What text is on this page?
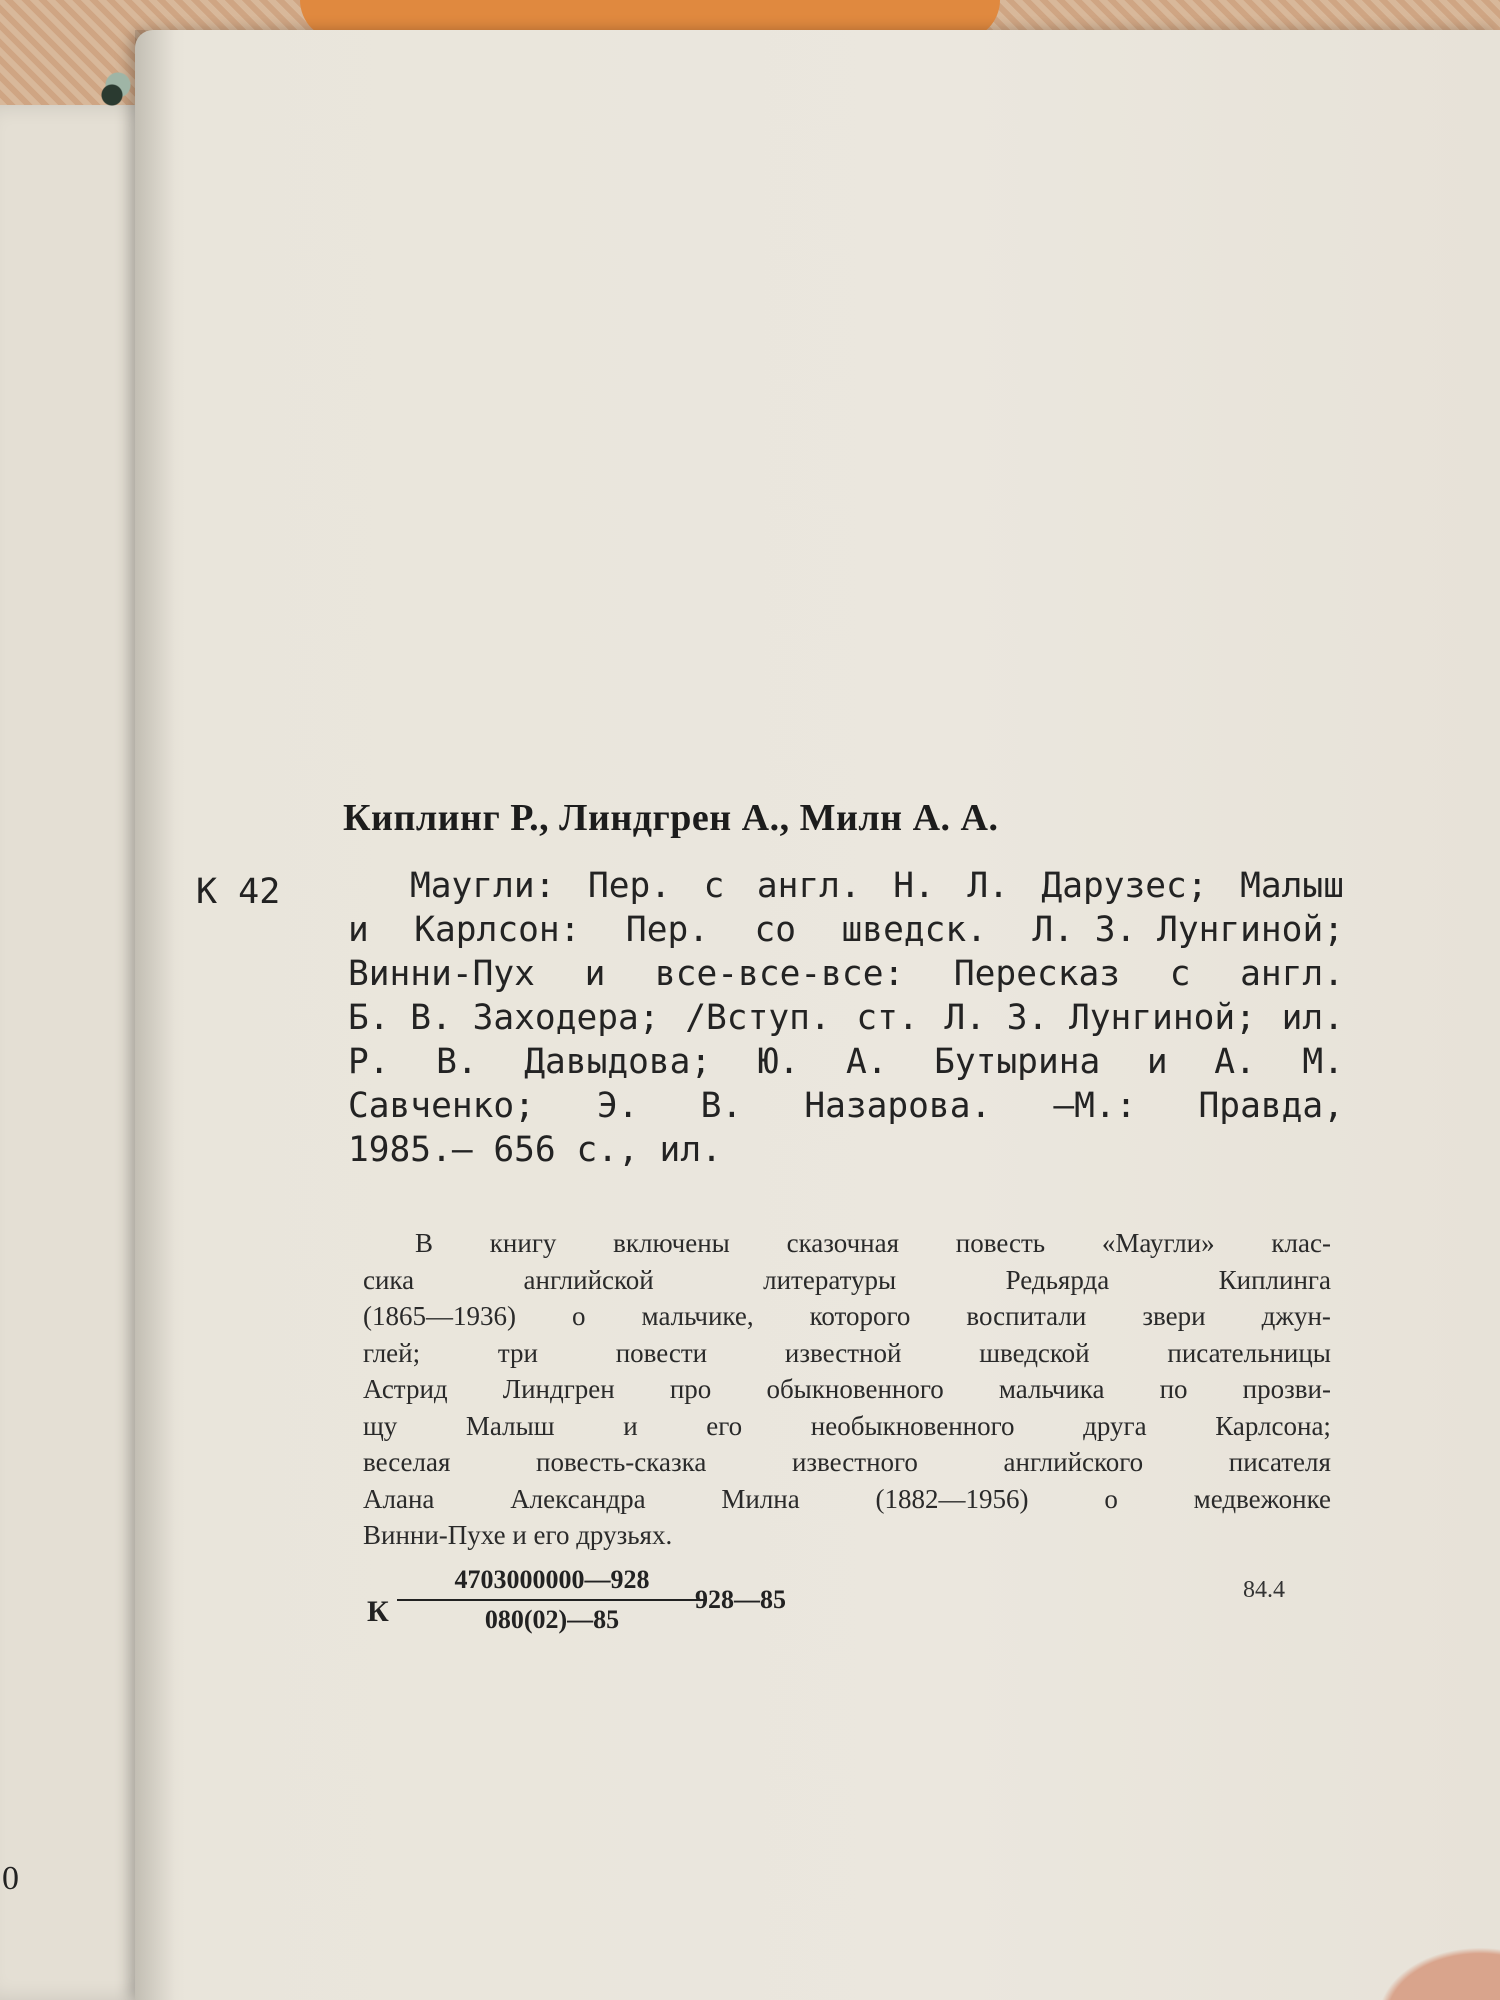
0
Киплинг Р., Линдгрен А., Милн А. А.
К 42	Маугли: Пер. с англ. Н. Л. Дарузес; Малыш
и Карлсон: Пер. со шведск. Л. З. Лунгиной;
Винни-Пух и все-все-все: Пересказ с англ.
Б. В. Заходера; /Вступ. ст. Л. З. Лунгиной; ил.
Р. В. Давыдова; Ю. А. Бутырина и А. М.
Савченко; Э. В. Назарова. —М.: Правда,
1985.— 656 с., ил.
В книгу включены сказочная повесть «Маугли» клас-
сика	английской	литературы	Редьярда	Киплинга
(1865—1936) о мальчике, которого воспитали звери джун-
глей;	три	повести	известной	шведской	писательницы
Астрид Линдгрен про обыкновенного мальчика по прозви-
щу	Малыш	и	его	необыкновенного	друга	Карлсона;
веселая	повесть-сказка	известного	английского	писателя
Алана	Александра	Милна	(1882—1956)	о	медвежонке
Винни-Пухе и его друзьях.
К $\frac{4703000000—928}{080(02)—85}$
928—85	84.4
